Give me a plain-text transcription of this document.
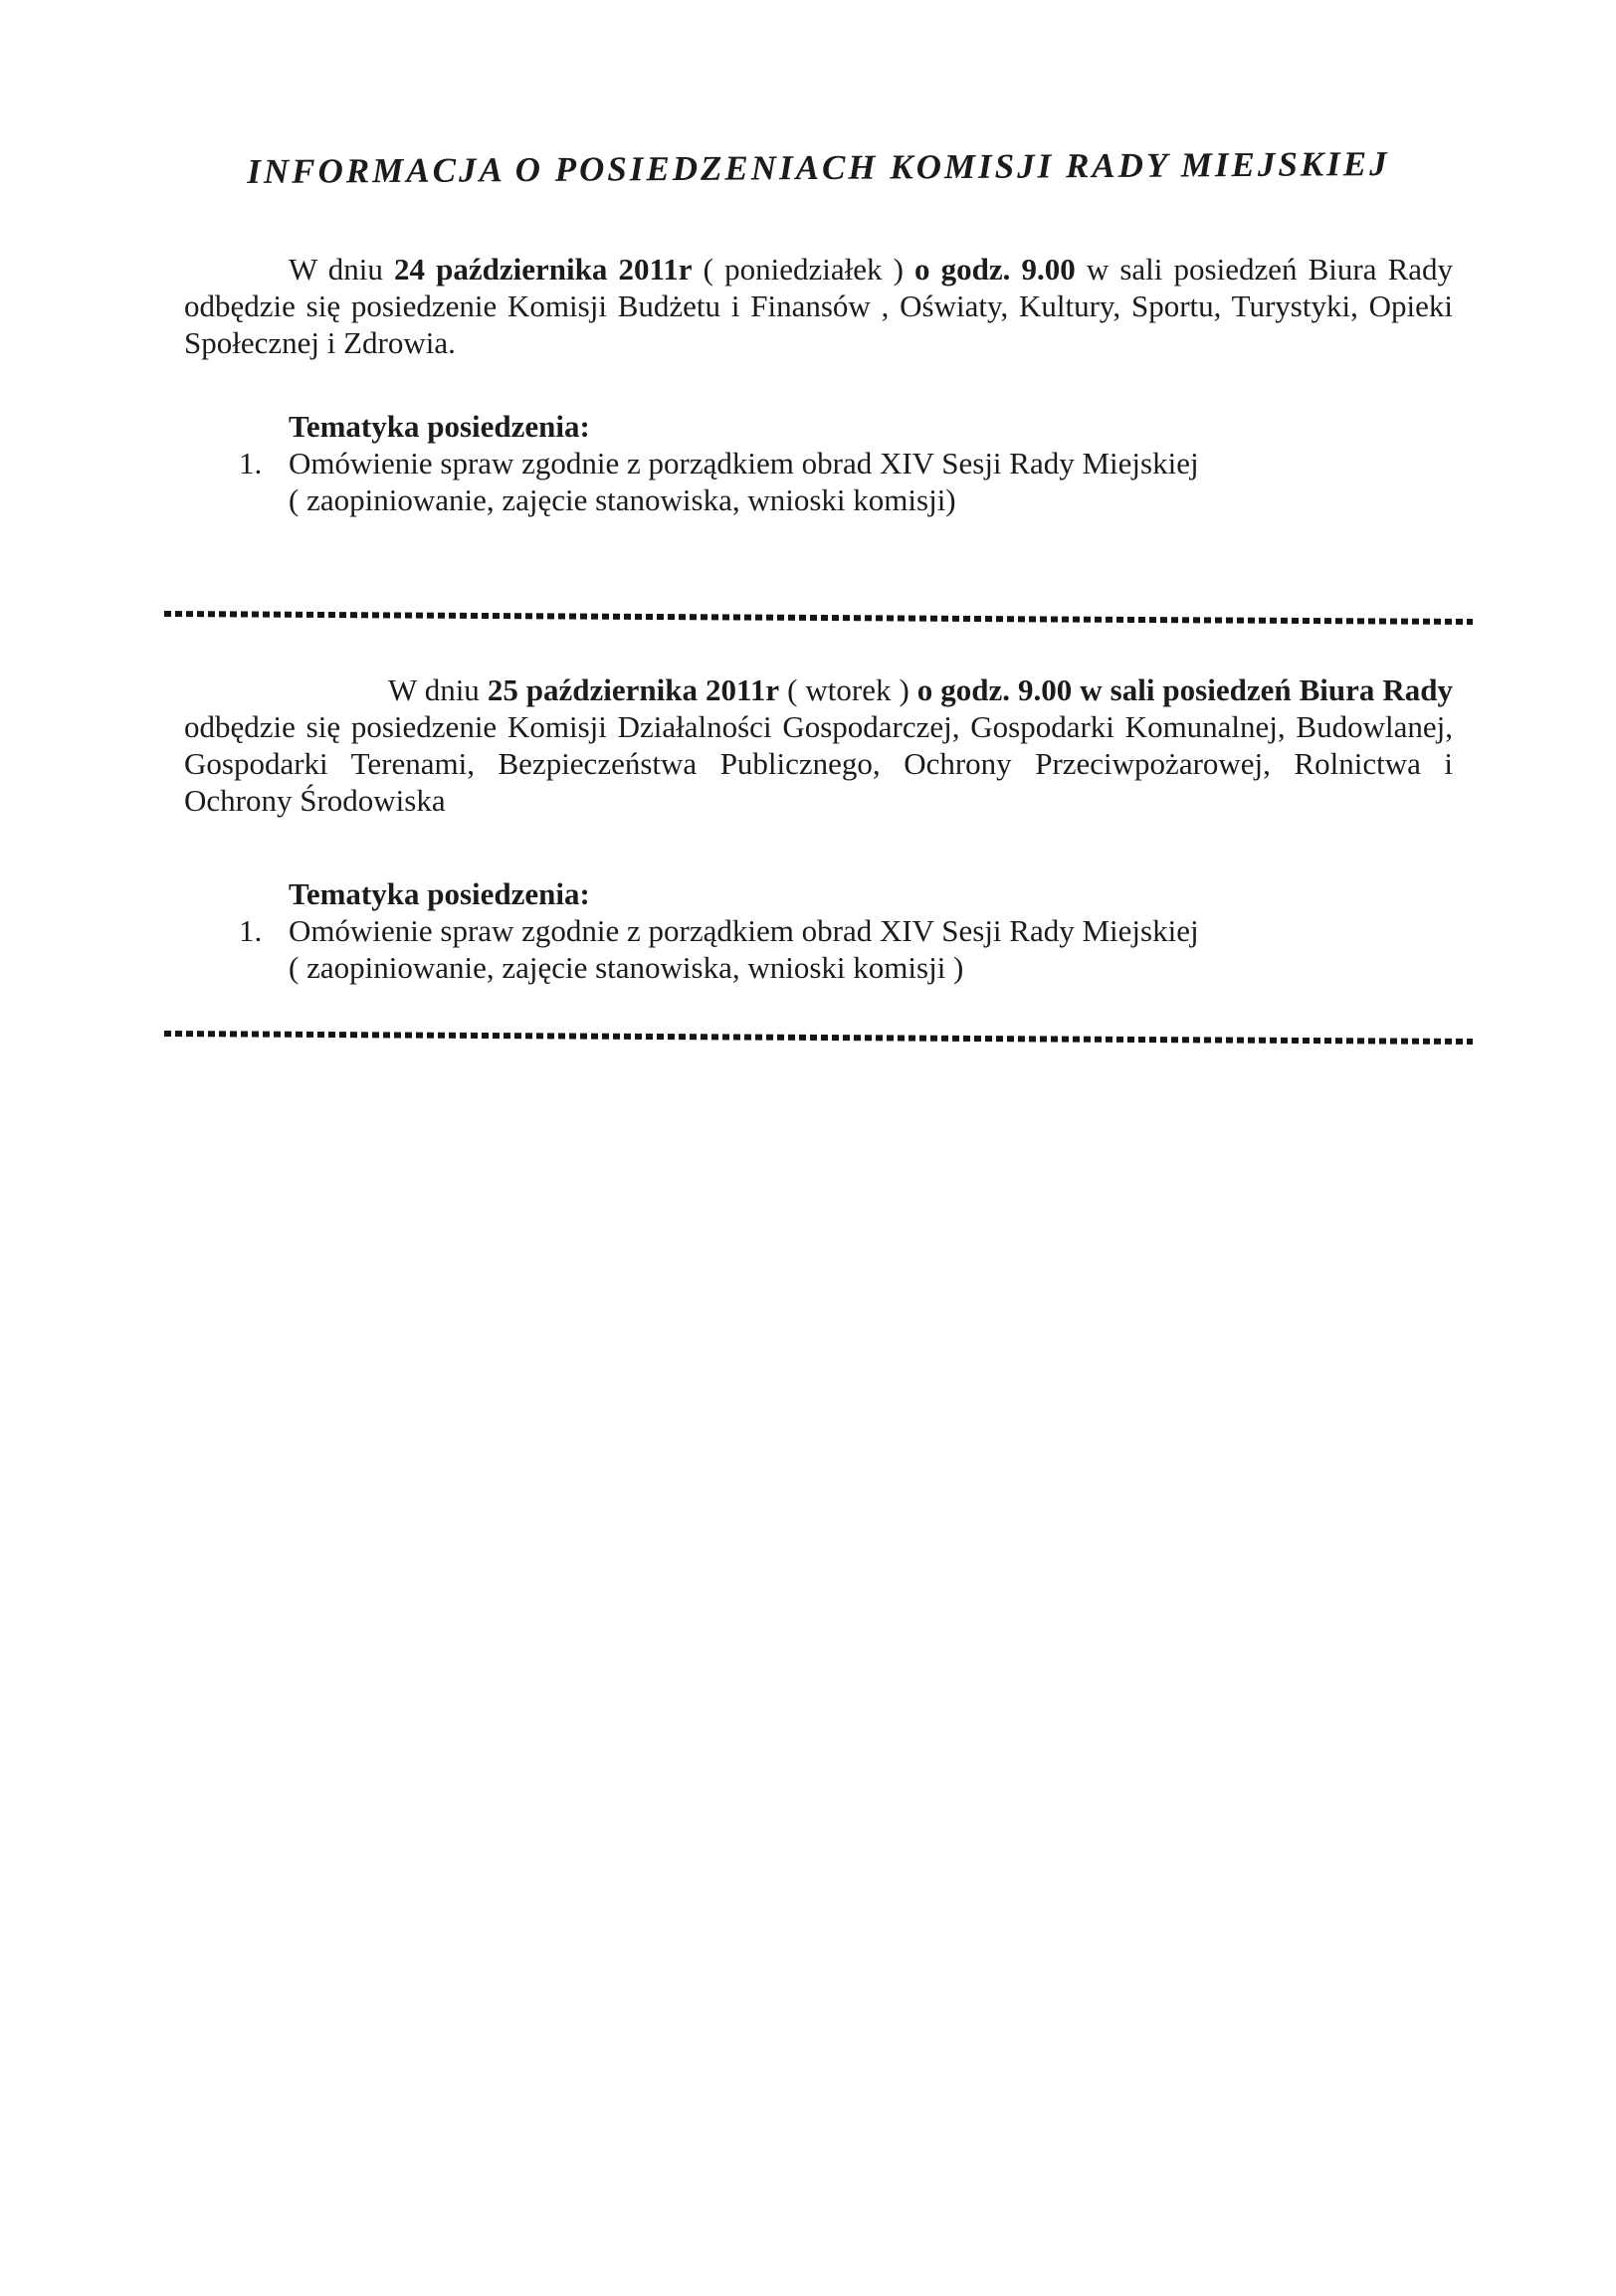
INFORMACJA O POSIEDZENIACH KOMISJI RADY MIEJSKIEJ

W dniu 24 października 2011r ( poniedziałek ) o godz. 9.00 w sali posiedzeń Biura Rady odbędzie się posiedzenie Komisji Budżetu i Finansów , Oświaty, Kultury, Sportu, Turystyki, Opieki Społecznej i Zdrowia.

Tematyka posiedzenia:

1. Omówienie spraw zgodnie z porządkiem obrad XIV Sesji Rady Miejskiej
( zaopiniowanie, zajęcie stanowiska, wnioski komisji)

W dniu 25 października 2011r ( wtorek ) o godz. 9.00 w sali posiedzeń Biura Rady odbędzie się posiedzenie Komisji Działalności Gospodarczej, Gospodarki Komunalnej, Budowlanej, Gospodarki Terenami, Bezpieczeństwa Publicznego, Ochrony Przeciwpożarowej, Rolnictwa i Ochrony Środowiska

Tematyka posiedzenia:

1. Omówienie spraw zgodnie z porządkiem obrad XIV Sesji Rady Miejskiej
( zaopiniowanie, zajęcie stanowiska, wnioski komisji )
